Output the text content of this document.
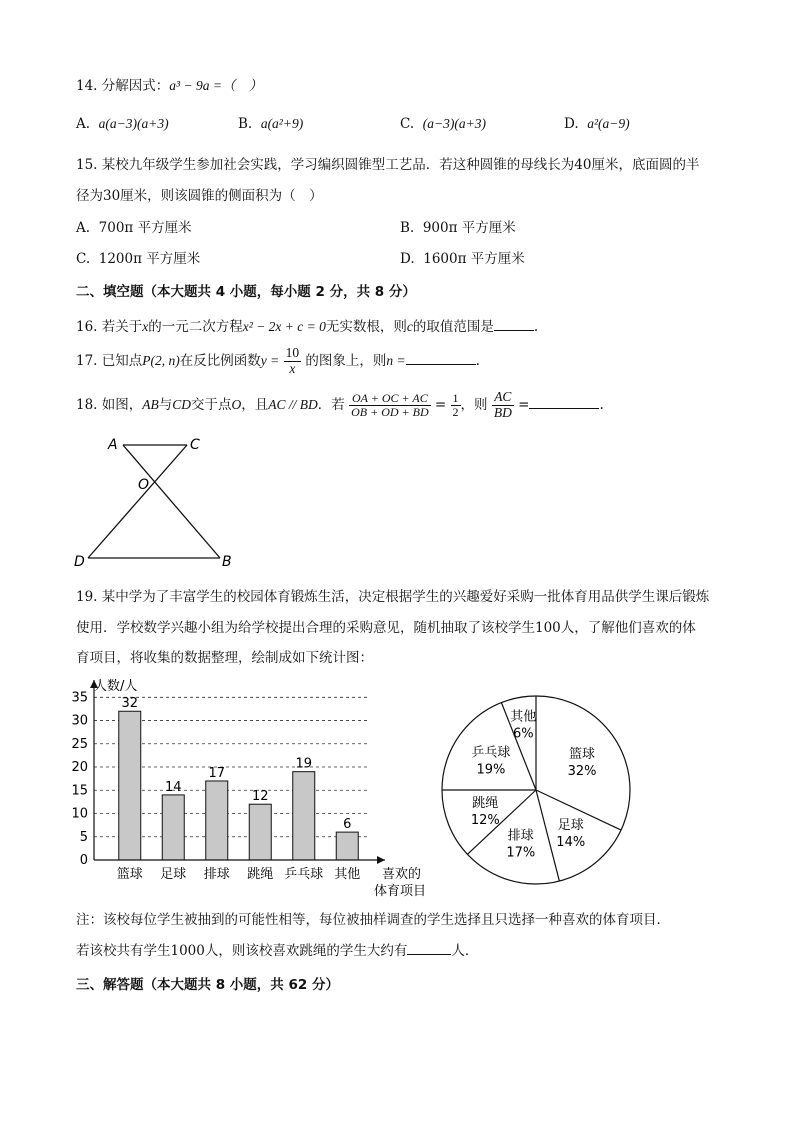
14. 分解因式：a³ − 9a =（　）
A. a(a−3)(a+3)	B. a(a²+9)	C. (a−3)(a+3)	D. a²(a−9)
15. 某校九年级学生参加社会实践，学习编织圆锥型工艺品．若这种圆锥的母线长为40厘米，底面圆的半
径为30厘米，则该圆锥的侧面积为（　）
A. 700π 平方厘米	B. 900π 平方厘米
C. 1200π 平方厘米	D. 1600π 平方厘米
二、填空题（本大题共 4 小题，每小题 2 分，共 8 分）
16. 若关于x的一元二次方程x² − 2x + c = 0无实数根，则c的取值范围是	.
17. 已知点P(2, n)在反比例函数$y = \frac{10}{x}$ 的图象上，则n =	.
18. 如图，AB与CD交于点O，且AC // BD．若 $\frac{OA + OC + AC}{OB + OD + BD} = \frac{1}{2}$ ，则 $\frac{AC}{BD}$ =	.
A	C
O
D	B
19. 某中学为了丰富学生的校园体育锻炼生活，决定根据学生的兴趣爱好采购一批体育用品供学生课后锻炼
使用．学校数学兴趣小组为给学校提出合理的采购意见，随机抽取了该校学生100人，了解他们喜欢的体
育项目，将收集的数据整理，绘制成如下统计图：
32
14
17
12
19
6
0
5
10
15
20
25
30
35
篮球 足球 排球 跳绳 乒乓球 其他
人数/人
喜欢的
体育项目
篮球
32%
足球
14%
排球
17%
跳绳
12%
乒乓球
19%
其他
6%
注：该校每位学生被抽到的可能性相等，每位被抽样调查的学生选择且只选择一种喜欢的体育项目．
若该校共有学生1000人，则该校喜欢跳绳的学生大约有	人．
三、解答题（本大题共 8 小题，共 62 分）
